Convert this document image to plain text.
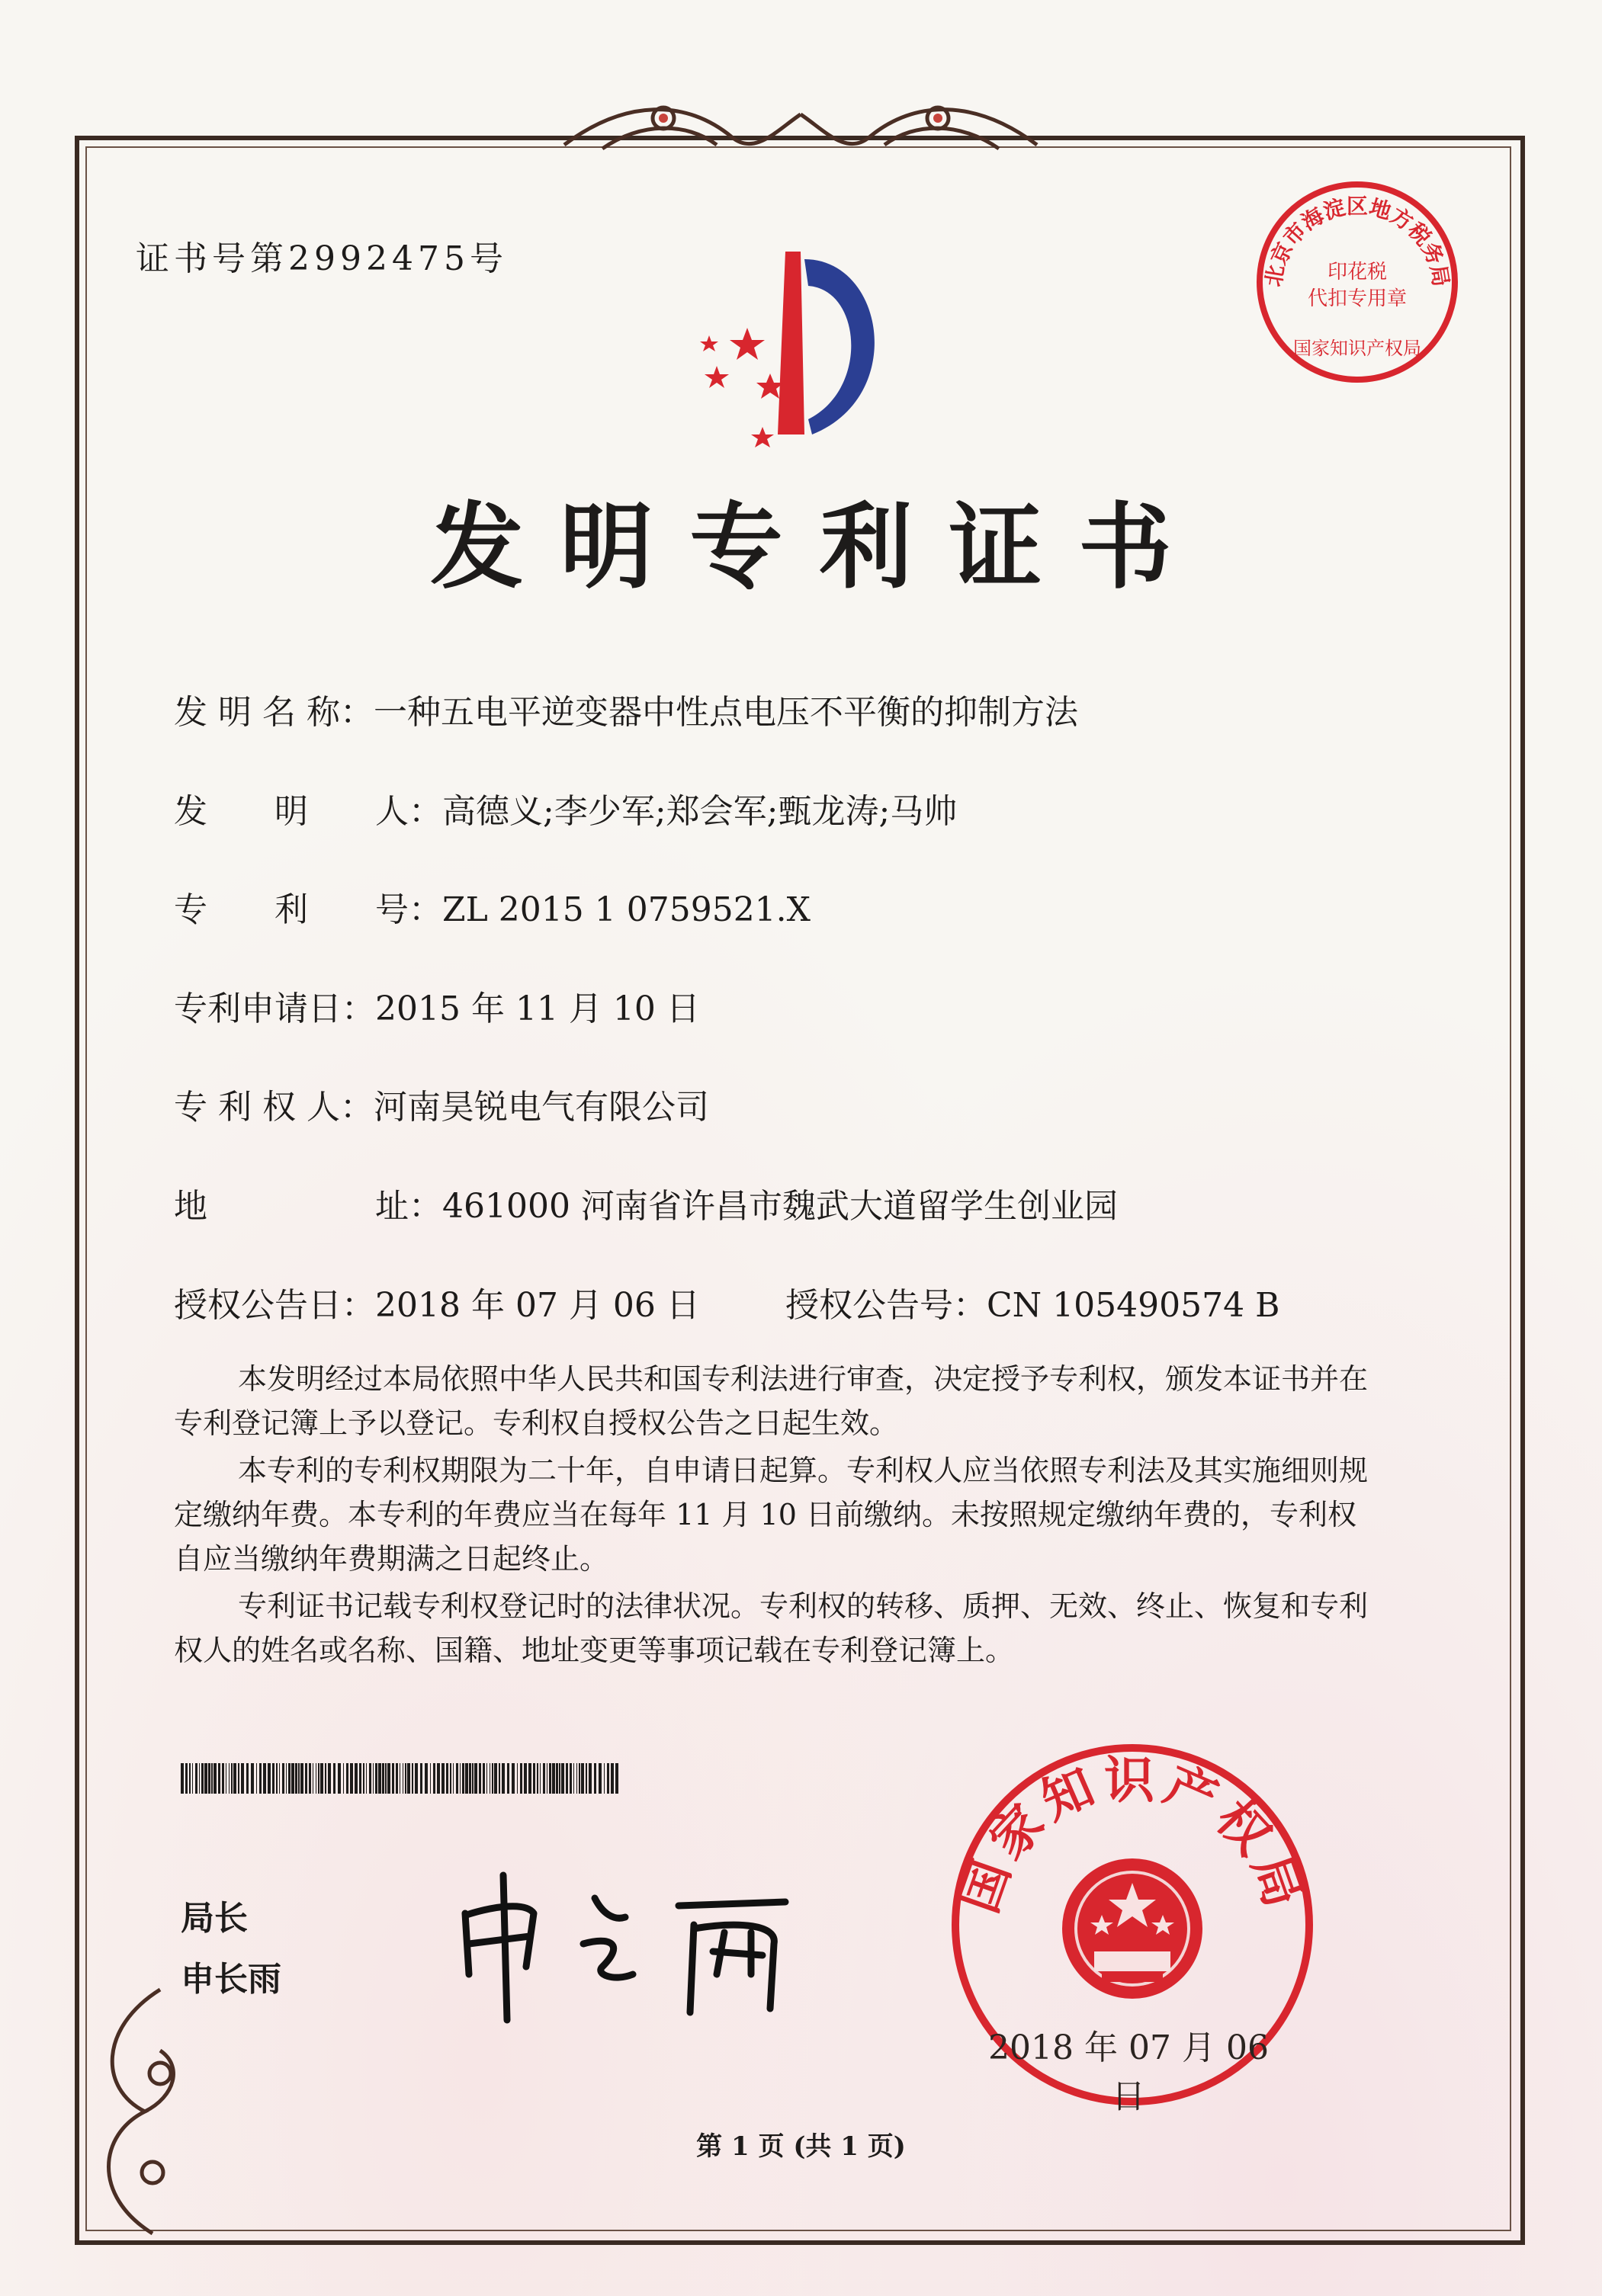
证书号第2992475号	北京市海淀区地方税务局
印花税
代扣专用章
国家知识产权局
发明专利证书
发 明 名 称：一种五电平逆变器中性点电压不平衡的抑制方法
发　　明　　人：高德义;李少军;郑会军;甄龙涛;马帅
专　　利　　号：ZL 2015 1 0759521.X
专利申请日：2015 年 11 月 10 日
专 利 权 人：河南昊锐电气有限公司
地　　　　　址：461000 河南省许昌市魏武大道留学生创业园
授权公告日：2018 年 07 月 06 日	授权公告号：CN 105490574 B

本发明经过本局依照中华人民共和国专利法进行审查，决定授予专利权，颁发本证书并在专利登记簿上予以登记。专利权自授权公告之日起生效。

本专利的专利权期限为二十年，自申请日起算。专利权人应当依照专利法及其实施细则规定缴纳年费。本专利的年费应当在每年 11 月 10 日前缴纳。未按照规定缴纳年费的，专利权自应当缴纳年费期满之日起终止。

专利证书记载专利权登记时的法律状况。专利权的转移、质押、无效、终止、恢复和专利权人的姓名或名称、国籍、地址变更等事项记载在专利登记簿上。

局长
申长雨
国家知识产权局
2018 年 07 月 06 日
第 1 页 (共 1 页)
